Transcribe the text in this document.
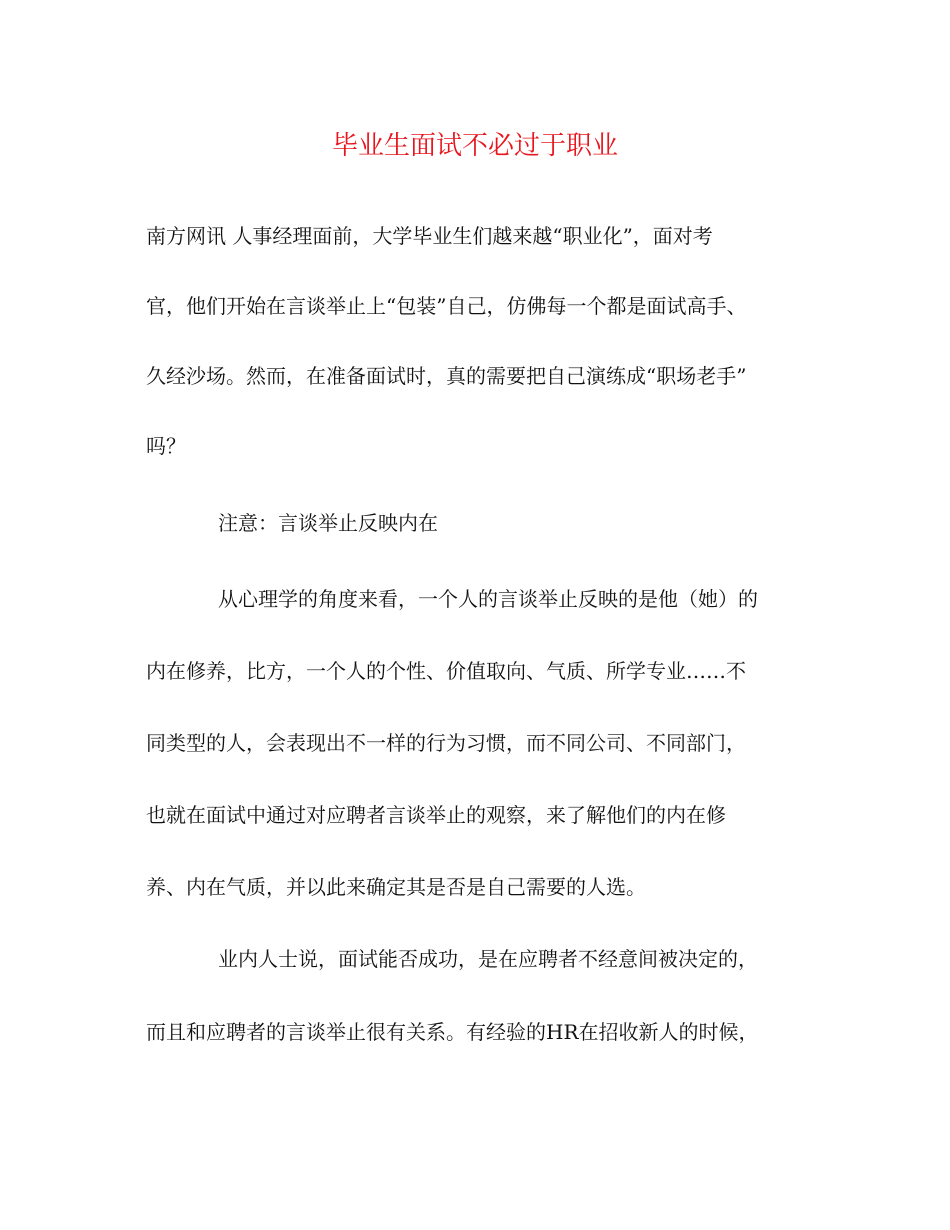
毕业生面试不必过于职业
南方网讯 人事经理面前，大学毕业生们越来越“职业化”，面对考
官，他们开始在言谈举止上“包装”自己，仿佛每一个都是面试高手、
久经沙场。然而，在准备面试时，真的需要把自己演练成“职场老手”
吗？
注意：言谈举止反映内在
从心理学的角度来看，一个人的言谈举止反映的是他（她）的
内在修养，比方，一个人的个性、价值取向、气质、所学专业……不
同类型的人，会表现出不一样的行为习惯，而不同公司、不同部门，
也就在面试中通过对应聘者言谈举止的观察，来了解他们的内在修
养、内在气质，并以此来确定其是否是自己需要的人选。
业内人士说，面试能否成功，是在应聘者不经意间被决定的，
而且和应聘者的言谈举止很有关系。有经验的HR在招收新人的时候，
